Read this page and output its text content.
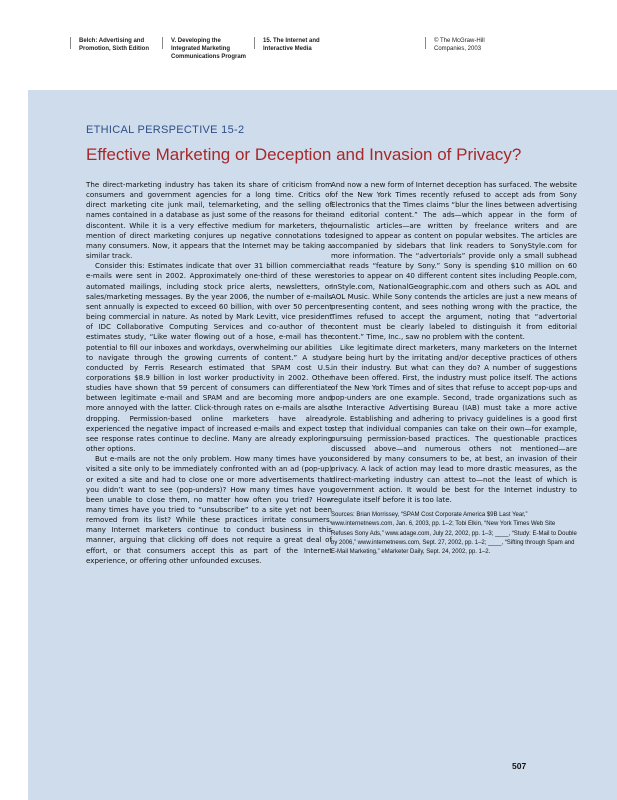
Belch: Advertising and
Promotion, Sixth Edition
V. Developing the
Integrated Marketing
Communications Program
15. The Internet and
Interactive Media
© The McGraw-Hill
Companies, 2003
ETHICAL PERSPECTIVE 15-2
Effective Marketing or Deception and Invasion of Privacy?

The direct-marketing industry has taken its share of criticism from consumers and government agencies for a long time. Critics of direct marketing cite junk mail, telemarketing, and the selling of names contained in a database as just some of the reasons for their discontent. While it is a very effective medium for marketers, the mention of direct marketing conjures up negative connotations to many consumers. Now, it appears that the Internet may be taking a similar track.

Consider this: Estimates indicate that over 31 billion commercial e-mails were sent in 2002. Approximately one-third of these were automated mailings, including stock price alerts, newsletters, or sales/marketing messages. By the year 2006, the number of e-mails sent annually is expected to exceed 60 billion, with over 50 percent being commercial in nature. As noted by Mark Levitt, vice president of IDC Collaborative Computing Services and co-author of the estimates study, “Like water flowing out of a hose, e-mail has the potential to fill our inboxes and workdays, overwhelming our abilities to navigate through the growing currents of content.” A study conducted by Ferris Research estimated that SPAM cost U.S. corporations $8.9 billion in lost worker productivity in 2002. Other studies have shown that 59 percent of consumers can differentiate between legitimate e-mail and SPAM and are becoming more and more annoyed with the latter. Click-through rates on e-mails are also dropping. Permission-based online marketers have already experienced the negative impact of increased e-mails and expect to see response rates continue to decline. Many are already exploring other options.

But e-mails are not the only problem. How many times have you visited a site only to be immediately confronted with an ad (pop-up) or exited a site and had to close one or more advertisements that you didn’t want to see (pop-unders)? How many times have you been unable to close them, no matter how often you tried? How many times have you tried to “unsubscribe” to a site yet not been removed from its list? While these practices irritate consumers, many Internet marketers continue to conduct business in this manner, arguing that clicking off does not require a great deal of effort, or that consumers accept this as part of the Internet experience, or offering other unfounded excuses.

And now a new form of Internet deception has surfaced. The website of the New York Times recently refused to accept ads from Sony Electronics that the Times claims “blur the lines between advertising and editorial content.” The ads—which appear in the form of journalistic articles—are written by freelance writers and are designed to appear as content on popular websites. The articles are accompanied by sidebars that link readers to SonyStyle.com for more information. The “advertorials” provide only a small subhead that reads “feature by Sony.” Sony is spending $10 million on 60 stories to appear on 40 different content sites including People.com, InStyle.com, NationalGeographic.com and others such as AOL and AOL Music. While Sony contends the articles are just a new means of presenting content, and sees nothing wrong with the practice, the Times refused to accept the argument, noting that “advertorial content must be clearly labeled to distinguish it from editorial content.” Time, Inc., saw no problem with the content.

Like legitimate direct marketers, many marketers on the Internet are being hurt by the irritating and/or deceptive practices of others in their industry. But what can they do? A number of suggestions have been offered. First, the industry must police itself. The actions of the New York Times and of sites that refuse to accept pop-ups and pop-unders are one example. Second, trade organizations such as the Interactive Advertising Bureau (IAB) must take a more active role. Establishing and adhering to privacy guidelines is a good first step that individual companies can take on their own—for example, pursuing permission-based practices. The questionable practices discussed above—and numerous others not mentioned—are considered by many consumers to be, at best, an invasion of their privacy. A lack of action may lead to more drastic measures, as the direct-marketing industry can attest to—not the least of which is government action. It would be best for the Internet industry to regulate itself before it is too late.

Sources: Brian Morrissey, “SPAM Cost Corporate America $9B Last Year,” www.internetnews.com, Jan. 6, 2003, pp. 1–2; Tobi Elkin, “New York Times Web Site Refuses Sony Ads,” www.adage.com, July 22, 2002, pp. 1–3; ____, “Study: E-Mail to Double by 2006,” www.internetnews.com, Sept. 27, 2002, pp. 1–2; ____, “Sifting through Spam and E-Mail Marketing,” eMarketer Daily, Sept. 24, 2002, pp. 1–2.

507
